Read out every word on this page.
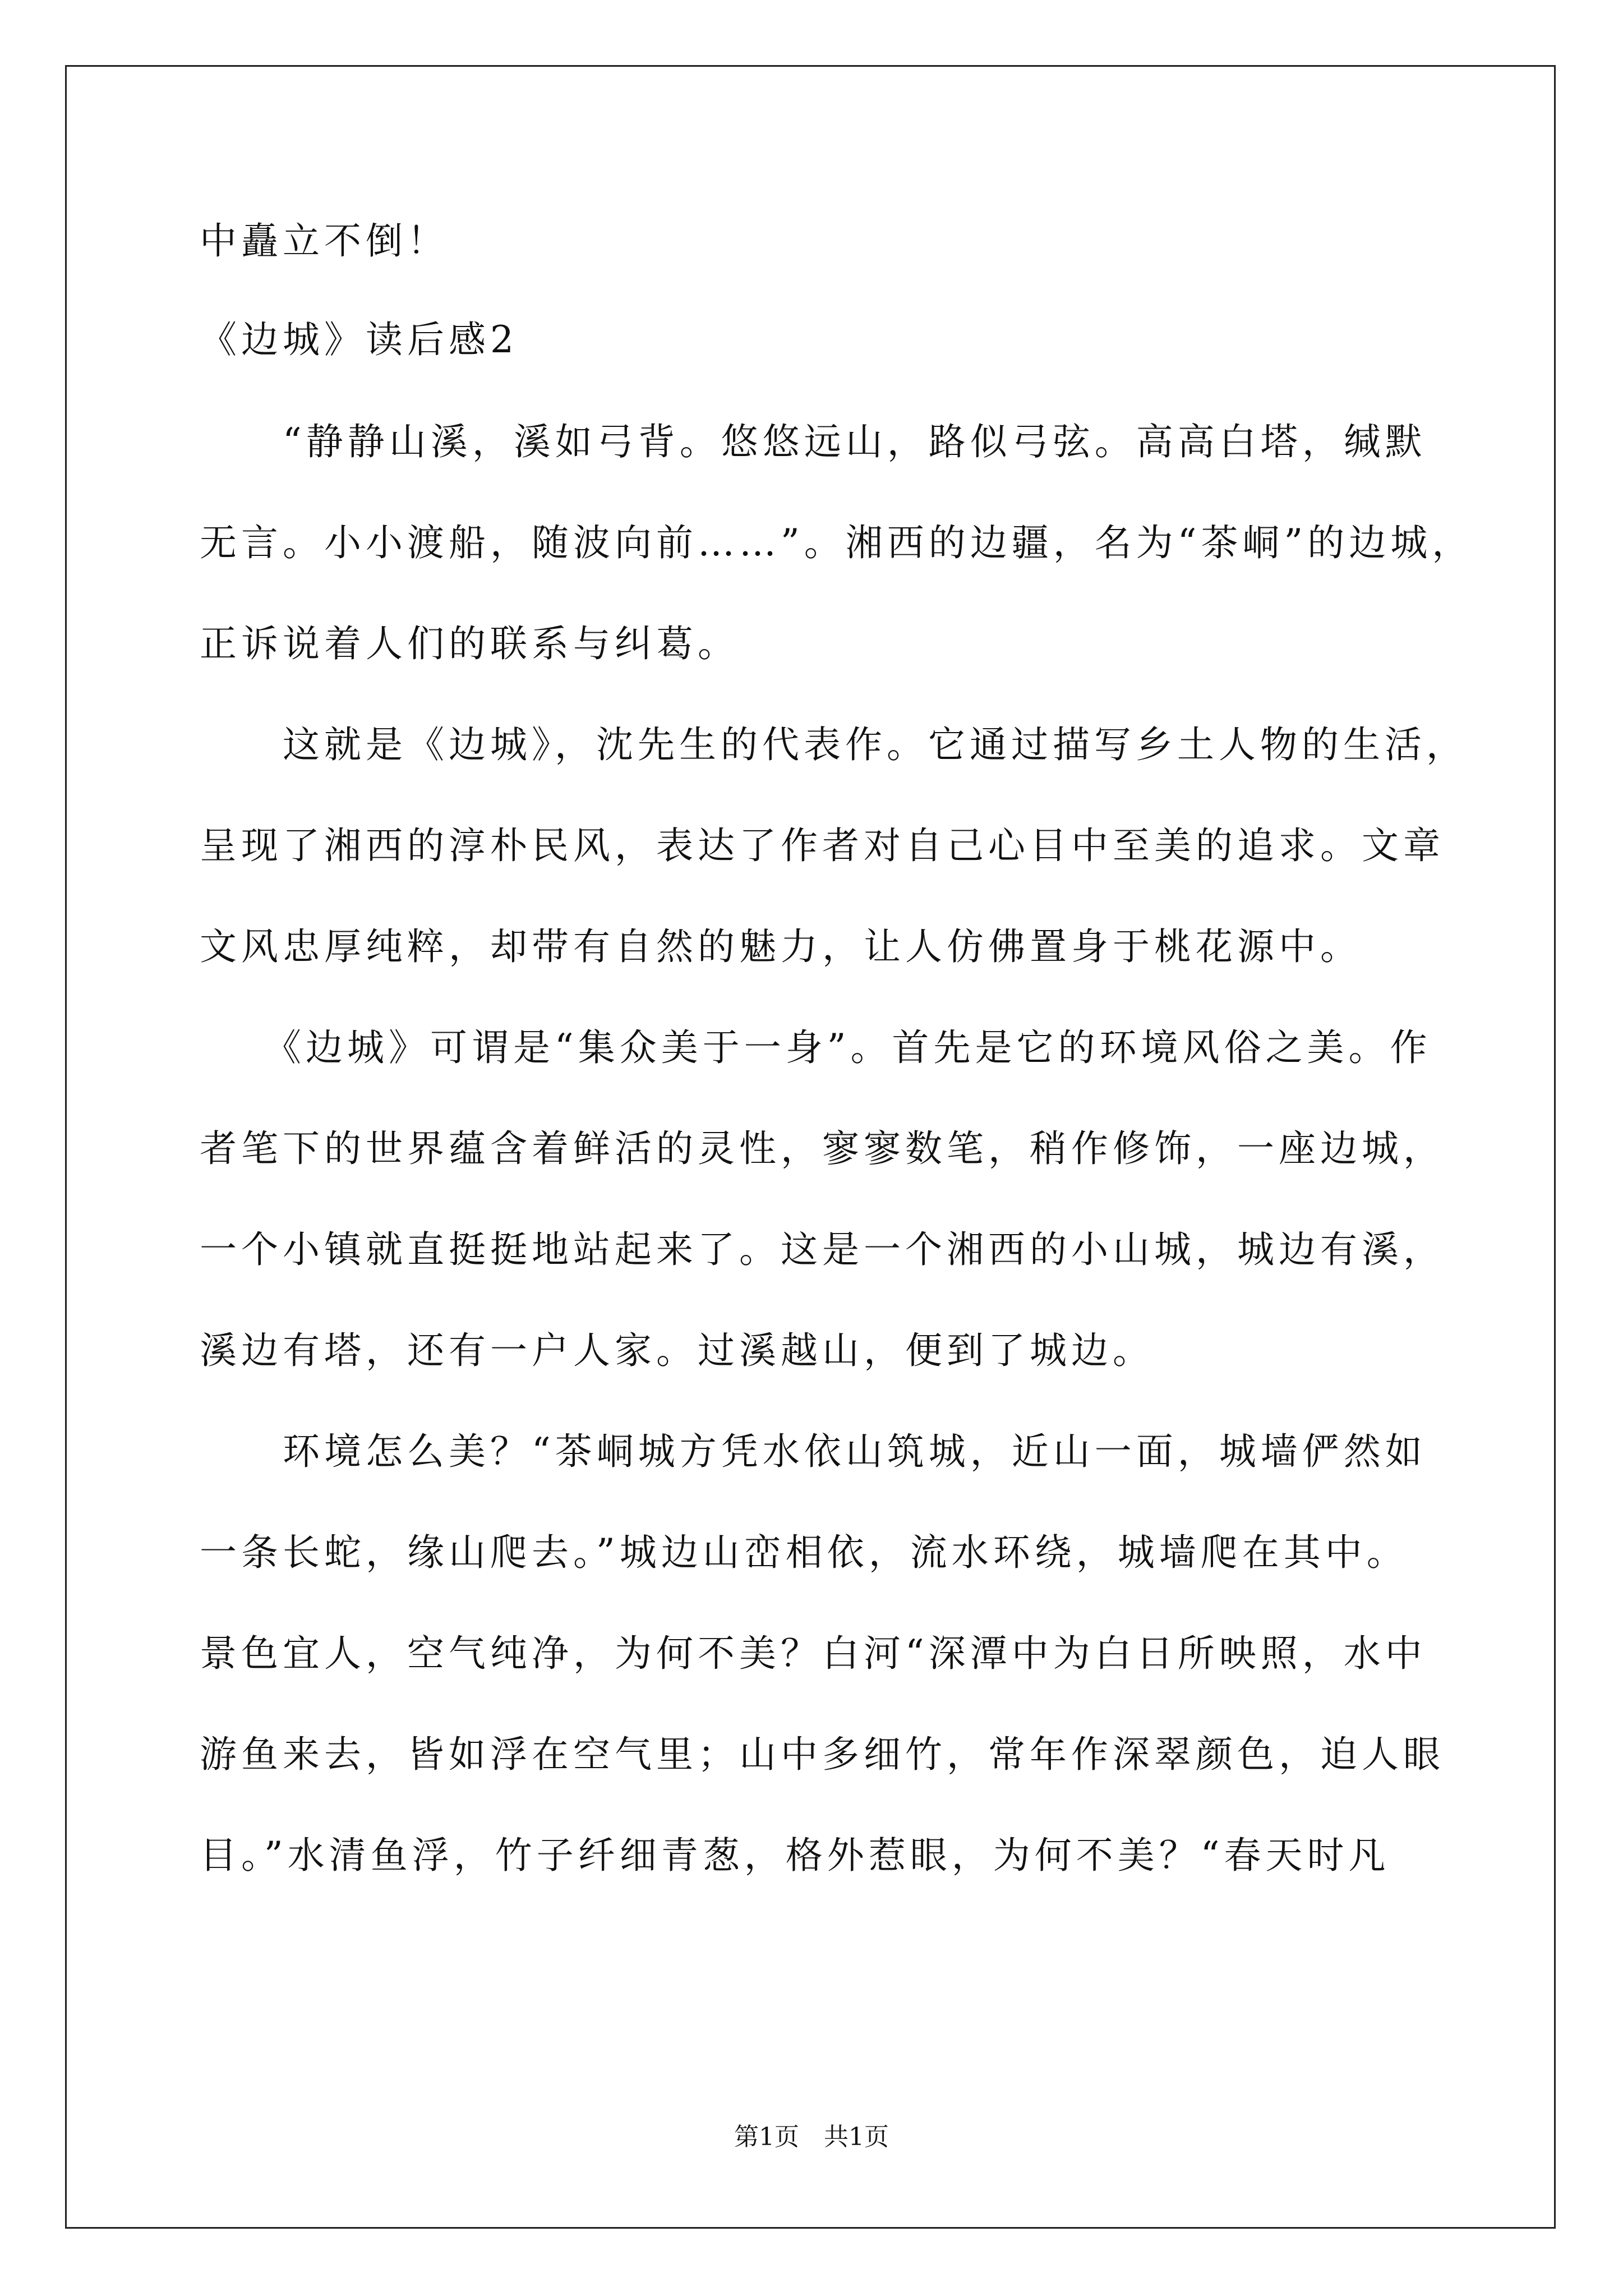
中矗立不倒！
《边城》读后感2
　　“静静山溪，溪如弓背。悠悠远山，路似弓弦。高高白塔，缄默
无言。小小渡船，随波向前……”。湘西的边疆，名为“茶峒”的边城，
正诉说着人们的联系与纠葛。
　　这就是《边城》，沈先生的代表作。它通过描写乡土人物的生活，
呈现了湘西的淳朴民风，表达了作者对自己心目中至美的追求。文章
文风忠厚纯粹，却带有自然的魅力，让人仿佛置身于桃花源中。
　　《边城》可谓是“集众美于一身”。首先是它的环境风俗之美。作
者笔下的世界蕴含着鲜活的灵性，寥寥数笔，稍作修饰，一座边城，
一个小镇就直挺挺地站起来了。这是一个湘西的小山城，城边有溪，
溪边有塔，还有一户人家。过溪越山，便到了城边。
　　环境怎么美？“茶峒城方凭水依山筑城，近山一面，城墙俨然如
一条长蛇，缘山爬去。”城边山峦相依，流水环绕，城墙爬在其中。
景色宜人，空气纯净，为何不美？白河“深潭中为白日所映照，水中
游鱼来去，皆如浮在空气里；山中多细竹，常年作深翠颜色，迫人眼
目。”水清鱼浮，竹子纤细青葱，格外惹眼，为何不美？“春天时凡
第1页　共1页
